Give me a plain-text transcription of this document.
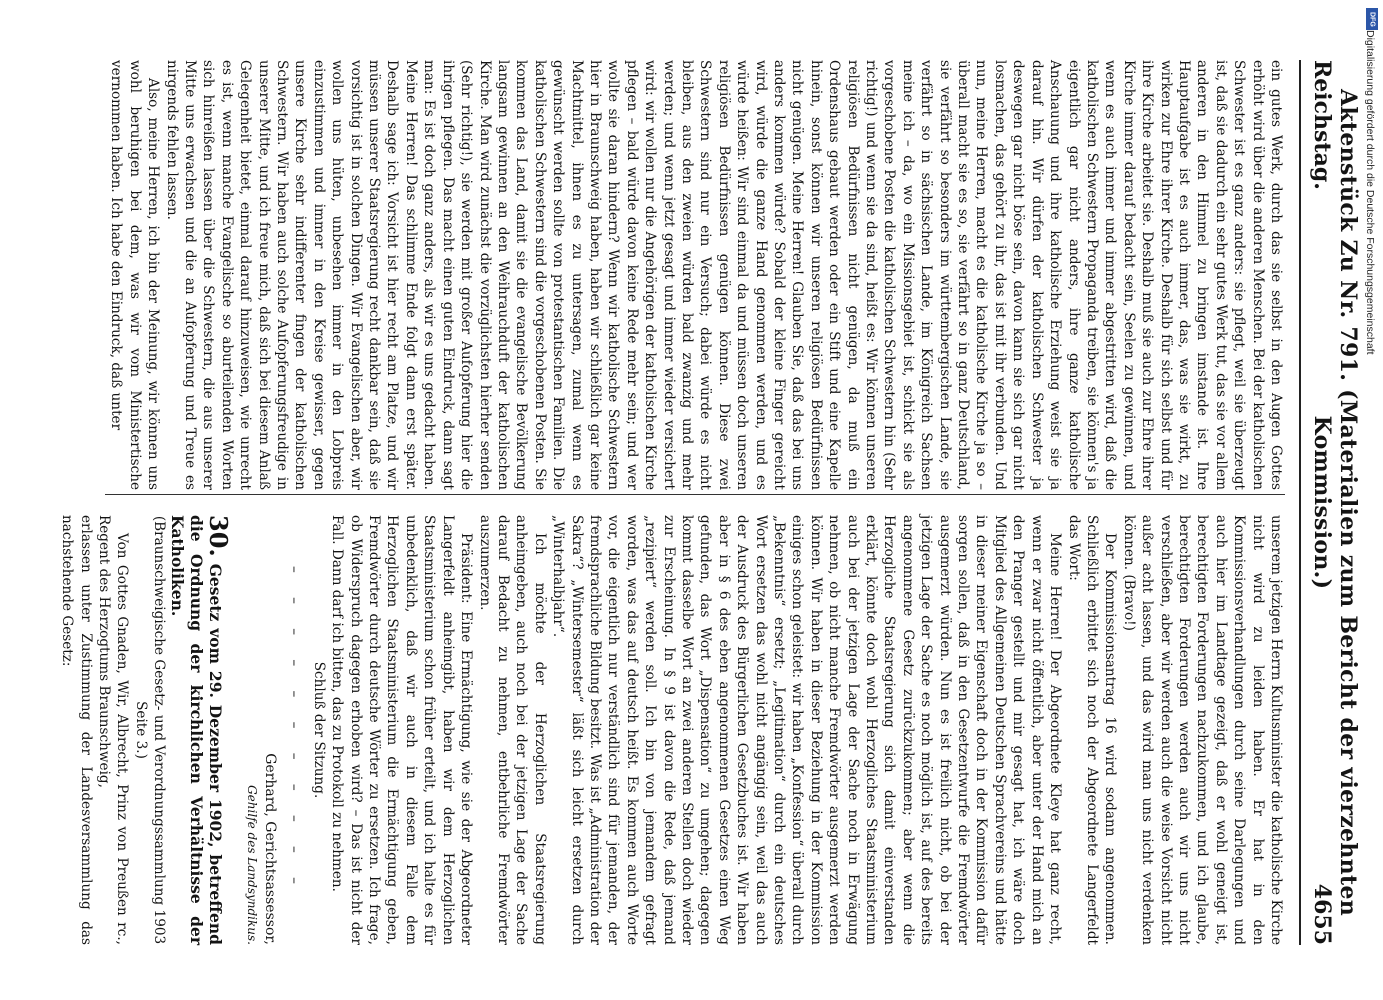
Reichstag. Aktenstück Zu Nr. 791. (Materialien zum Bericht der vierzehnten Kommission.)
4655

ein gutes Werk, durch das sie selbst in den Augen Gottes erhöht wird über die anderen Menschen. Bei der katholischen Schwester ist es ganz anders: sie pflegt, weil sie überzeugt ist, daß sie dadurch ein sehr gutes Werk tut, das sie vor allem anderen in den Himmel zu bringen imstande ist. Ihre Hauptaufgabe ist es auch immer, das, was sie wirkt, zu wirken zur Ehre ihrer Kirche. Deshalb für sich selbst und für ihre Kirche arbeitet sie. Deshalb muß sie auch zur Ehre ihrer Kirche immer darauf bedacht sein, Seelen zu gewinnen, und wenn es auch immer und immer abgestritten wird, daß die katholischen Schwestern Propaganda treiben, sie können's ja eigentlich gar nicht anders, ihre ganze katholische Anschauung und ihre katholische Erziehung weist sie ja darauf hin. Wir dürfen der katholischen Schwester ja deswegen gar nicht böse sein, davon kann sie sich gar nicht losmachen, das gehört zu ihr, das ist mit ihr verbunden. Und nun, meine Herren, macht es die katholische Kirche ja so – überall macht sie es so, sie verfährt so in ganz Deutschland, sie verfährt so besonders im württembergischen Lande, sie verfährt so in sächsischen Lande, im Königreich Sachsen meine ich – da, wo ein Missionsgebiet ist, schickt sie als vorgeschobene Posten die katholischen Schwestern hin (Sehr richtig!) und wenn sie da sind, heißt es: Wir können unseren religiösen Bedürfnissen nicht genügen, da muß ein Ordenshaus gebaut werden oder ein Stift und eine Kapelle hinein, sonst können wir unseren religiösen Bedürfnissen nicht genügen. Meine Herren! Glauben Sie, daß das bei uns anders kommen würde? Sobald der kleine Finger gereicht wird, würde die ganze Hand genommen werden, und es würde heißen: Wir sind einmal da und müssen doch unseren religiösen Bedürfnissen genügen können. Diese zwei Schwestern sind nur ein Versuch; dabei würde es nicht bleiben, aus den zweien würden bald zwanzig und mehr werden; und wenn jetzt gesagt und immer wieder versichert wird: wir wollen nur die Angehörigen der katholischen Kirche pflegen – bald würde davon keine Rede mehr sein; und wer wollte sie daran hindern? Wenn wir katholische Schwestern hier in Braunschweig haben, haben wir schließlich gar keine Machtmittel, ihnen es zu untersagen, zumal wenn es gewünscht werden sollte von protestantischen Familien. Die katholischen Schwestern sind die vorgeschobenen Posten. Sie kommen das Land, damit sie die evangelische Bevölkerung langsam gewinnen an den Weihrauchduft der katholischen Kirche. Man wird zunächst die vorzüglichsten hierher senden (Sehr richtig!), sie werden mit großer Aufopferung hier die ihrigen pflegen. Das macht einen guten Eindruck, dann sagt man: Es ist doch ganz anders, als wir es uns gedacht haben. Meine Herren! Das schlimme Ende folgt dann erst später. Deshalb sage ich: Vorsicht ist hier recht am Platze, und wir müssen unserer Staatsregierung recht dankbar sein, daß sie vorsichtig ist in solchen Dingen. Wir Evangelischen aber, wir wollen uns hüten, unbesehen immer in den Lobpreis einzustimmen und immer in den Kreise gewisser, gegen unsere Kirche sehr indifferenter fingen der katholischen Schwestern. Wir haben auch solche Aufopferungsfreudige in unserer Mitte, und ich freue mich, daß sich bei diesem Anlaß Gelegenheit bietet, einmal darauf hinzuweisen, wie unrecht es ist, wenn manche Evangelische so aburteilenden Worten sich hinreißen lassen über die Schwestern, die aus unserer Mitte uns erwachsen und die an Aufopferung und Treue es nirgends fehlen lassen.

Also, meine Herren, ich bin der Meinung, wir können uns wohl beruhigen bei dem, was wir vom Ministertische vernommen haben. Ich habe den Eindruck, daß unter

unserem jetzigen Herrn Kultusminister die katholische Kirche nicht wird zu leiden haben. Er hat in den Kommissionsverhandlungen durch seine Darlegungen und auch hier im Landtage gezeigt, daß er wohl geneigt ist, berechtigten Forderungen nachzukommen, und ich glaube, berechtigten Forderungen werden auch wir uns nicht verschließen, aber wir werden auch die weise Vorsicht nicht außer acht lassen, und das wird man uns nicht verdenken können. (Bravo!)

Der Kommissionsantrag 16 wird sodann angenommen. Schließlich erbittet sich noch der Abgeordnete Langerfeldt das Wort:

Meine Herren! Der Abgeordnete Kleye hat ganz recht, wenn er zwar nicht öffentlich, aber unter der Hand mich an den Pranger gestellt und mir gesagt hat, ich wäre doch Mitglied des Allgemeinen Deutschen Sprachvereins und hätte in dieser meiner Eigenschaft doch in der Kommission dafür sorgen sollen, daß in den Gesetzentwurfe die Fremdwörter ausgemerzt würden. Nun es ist freilich nicht, ob bei der jetzigen Lage der Sache es noch möglich ist, auf des bereits angenommene Gesetz zurückzukommen; aber wenn die Herzogliche Staatsregierung sich damit einverstanden erklärt, könnte doch wohl Herzogliches Staatsministerium auch bei der jetzigen Lage der Sache noch in Erwägung nehmen, ob nicht manche Fremdwörter ausgemerzt werden können. Wir haben in dieser Beziehung in der Kommission einiges schon geleistet: wir haben „Konfession“ überall durch „Bekenntnis“ ersetzt; „Legitimation“ durch ein deutsches Wort ersetzen das wohl nicht angängig sein, weil das auch der Ausdruck des Bürgerlichen Gesetzbuches ist. Wir haben aber in § 6 des eben angenommenen Gesetzes einen Weg gefunden, das Wort „Dispensation“ zu umgehen; dagegen kommt dasselbe Wort an zwei anderen Stellen doch wieder zur Erscheinung. In § 9 ist davon die Rede, daß jemand „rezipiert“ werden soll. Ich bin von jemandem gefragt worden, was das auf deutsch heißt. Es kommen auch Worte vor, die eigentlich nur verständlich sind für jemanden, der fremdsprachliche Bildung besitzt. Was ist „Administration der Sakra“? „Wintersemester“ läßt sich leicht ersetzen durch „Winterhalbjahr“.

Ich möchte der Herzoglichen Staatsregierung anheimgeben, auch noch bei der jetzigen Lage der Sache darauf Bedacht zu nehmen, entbehrliche Fremdwörter auszumerzen.

Präsident: Eine Ermächtigung, wie sie der Abgeordneter Langerfeldt anheimgibt, haben wir dem Herzoglichen Staatsministerium schon früher erteilt, und ich halte es für unbedenklich, daß wir auch in diesem Falle dem Herzoglichen Staatsministerium die Ermächtigung geben, Fremdwörter durch deutsche Wörter zu ersetzen. Ich frage, ob Widerspruch dagegen erhoben wird? – Das ist nicht der Fall. Dann darf ich bitten, das zu Protokoll zu nehmen.

Schluß der Sitzung.

– – – – – – – – – – –

Gerhard, Gerichtsassessor,

Gehilfe des Landsyndikus.

30. Gesetz vom 29. Dezember 1902, betreffend die Ordnung der kirchlichen Verhältnisse der Katholiken.

(Braunschweigische Gesetz- und Verordnungssammlung 1903 Seite 3.)

Von Gottes Gnaden, Wir, Albrecht, Prinz von Preußen rc., Regent des Herzogtums Braunschweig,

erlassen unter Zustimmung der Landesversammlung das nachstehende Gesetz:

DFG
Digitalisierung gefördert durch die Deutsche Forschungsgemeinschaft
